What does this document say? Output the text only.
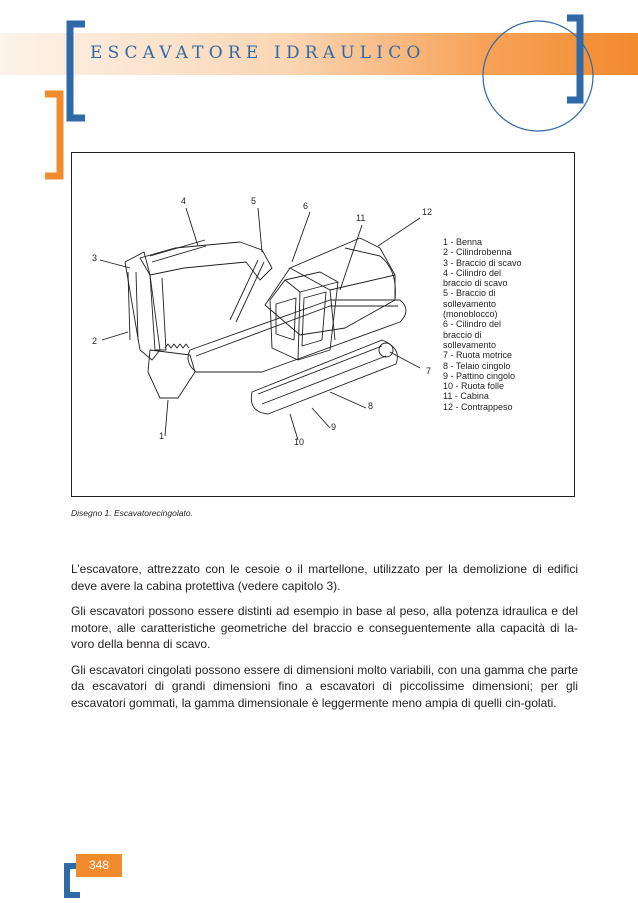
ESCAVATORE IDRAULICO
4	5	6
11
12
3
2
7
8
9
1
10
1 - Benna
2 - Cilindrobenna
3 - Braccio di scavo
4 - Cilindro del
braccio di scavo
5 - Braccio di
sollevamento
(monoblocco)
6 - Cilindro del
braccio di
sollevamento
7 - Ruota motrice
8 - Telaio cingolo
9 - Pattino cingolo
10 - Ruota folle
11 - Cabina
12 - Contrappeso
Disegno 1. Escavatorecingolato.

L’escavatore, attrezzato con le cesoie o il martellone, utilizzato per la demolizione di edifici deve avere la cabina protettiva (vedere capitolo 3).

Gli escavatori possono essere distinti ad esempio in base al peso, alla potenza idraulica e del motore, alle caratteristiche geometriche del braccio e conseguentemente alla capacità di la-voro della benna di scavo.

Gli escavatori cingolati possono essere di dimensioni molto variabili, con una gamma che parte da escavatori di grandi dimensioni fino a escavatori di piccolissime dimensioni; per gli escavatori gommati, la gamma dimensionale è leggermente meno ampia di quelli cin-golati.

348
